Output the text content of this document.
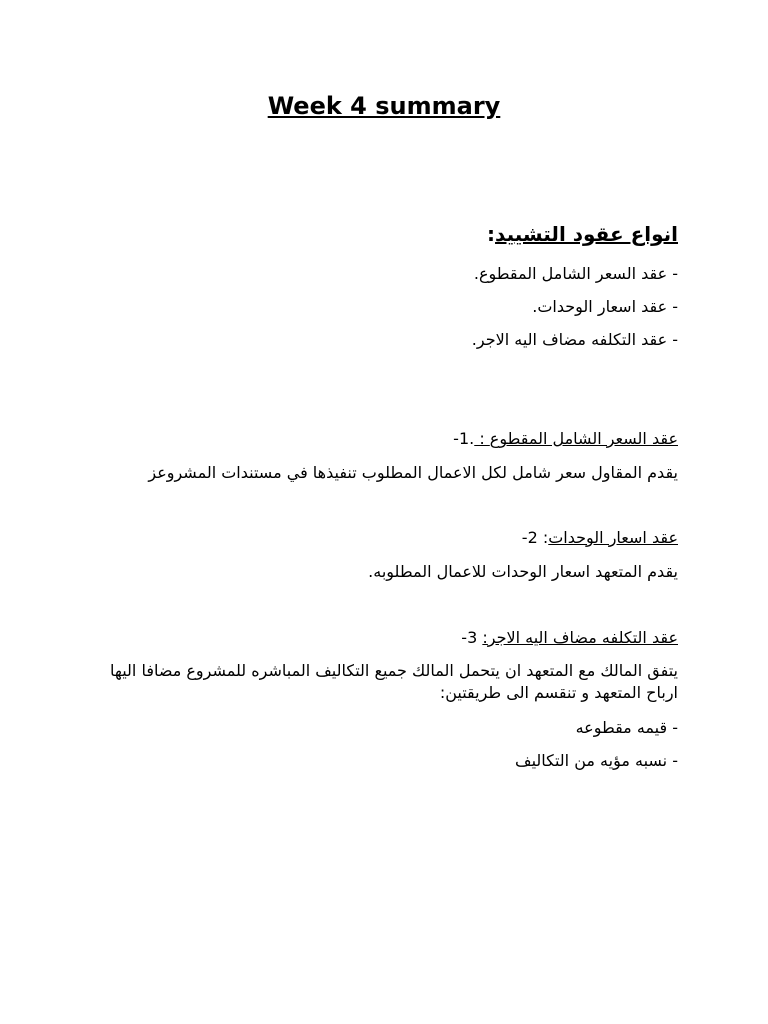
Week 4 summary
انواع عقود التشييد:
- عقد السعر الشامل المقطوع.
- عقد اسعار الوحدات.
- عقد التكلفه مضاف اليه الاجر.
عقد السعر الشامل المقطوع : .1-
يقدم المقاول سعر شامل لكل الاعمال المطلوب تنفيذها في مستندات المشروعز
عقد اسعار الوحدات: 2-
يقدم المتعهد اسعار الوحدات للاعمال المطلوبه.
عقد التكلفه مضاف اليه الاجر: 3-
يتفق المالك مع المتعهد ان يتحمل المالك جميع التكاليف المباشره للمشروع مضافا اليها ارباح المتعهد و تنقسم الى طريقتين:
- قيمه مقطوعه
- نسبه مؤيه من التكاليف
